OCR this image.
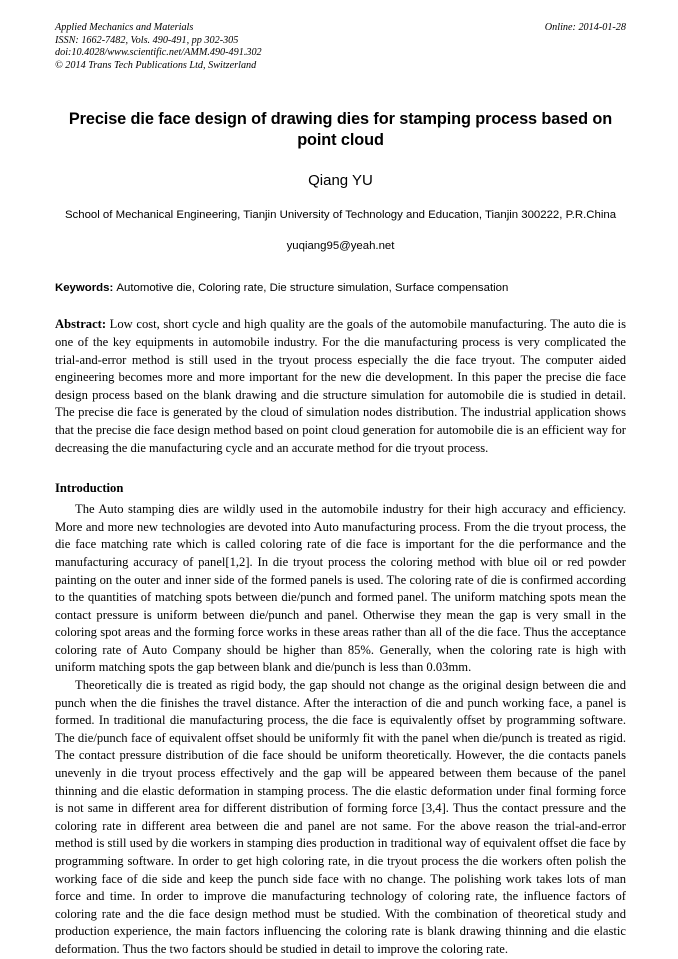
Applied Mechanics and Materials
ISSN: 1662-7482, Vols. 490-491, pp 302-305
doi:10.4028/www.scientific.net/AMM.490-491.302
© 2014 Trans Tech Publications Ltd, Switzerland
Online: 2014-01-28
Precise die face design of drawing dies for stamping process based on point cloud
Qiang YU
School of Mechanical Engineering, Tianjin University of Technology and Education, Tianjin 300222, P.R.China
yuqiang95@yeah.net

Keywords: Automotive die, Coloring rate, Die structure simulation, Surface compensation

Abstract: Low cost, short cycle and high quality are the goals of the automobile manufacturing. The auto die is one of the key equipments in automobile industry. For the die manufacturing process is very complicated the trial-and-error method is still used in the tryout process especially the die face tryout. The computer aided engineering becomes more and more important for the new die development. In this paper the precise die face design process based on the blank drawing and die structure simulation for automobile die is studied in detail. The precise die face is generated by the cloud of simulation nodes distribution. The industrial application shows that the precise die face design method based on point cloud generation for automobile die is an efficient way for decreasing the die manufacturing cycle and an accurate method for die tryout process.

Introduction

The Auto stamping dies are wildly used in the automobile industry for their high accuracy and efficiency. More and more new technologies are devoted into Auto manufacturing process. From the die tryout process, the die face matching rate which is called coloring rate of die face is important for the die performance and the manufacturing accuracy of panel[1,2]. In die tryout process the coloring method with blue oil or red powder painting on the outer and inner side of the formed panels is used. The coloring rate of die is confirmed according to the quantities of matching spots between die/punch and formed panel. The uniform matching spots mean the contact pressure is uniform between die/punch and panel. Otherwise they mean the gap is very small in the coloring spot areas and the forming force works in these areas rather than all of the die face. Thus the acceptance coloring rate of Auto Company should be higher than 85%. Generally, when the coloring rate is high with uniform matching spots the gap between blank and die/punch is less than 0.03mm.

Theoretically die is treated as rigid body, the gap should not change as the original design between die and punch when the die finishes the travel distance. After the interaction of die and punch working face, a panel is formed. In traditional die manufacturing process, the die face is equivalently offset by programming software. The die/punch face of equivalent offset should be uniformly fit with the panel when die/punch is treated as rigid. The contact pressure distribution of die face should be uniform theoretically. However, the die contacts panels unevenly in die tryout process effectively and the gap will be appeared between them because of the panel thinning and die elastic deformation in stamping process. The die elastic deformation under final forming force is not same in different area for different distribution of forming force [3,4]. Thus the contact pressure and the coloring rate in different area between die and panel are not same. For the above reason the trial-and-error method is still used by die workers in stamping dies production in traditional way of equivalent offset die face by programming software. In order to get high coloring rate, in die tryout process the die workers often polish the working face of die side and keep the punch side face with no change. The polishing work takes lots of man force and time. In order to improve die manufacturing technology of coloring rate, the influence factors of coloring rate and the die face design method must be studied. With the combination of theoretical study and production experience, the main factors influencing the coloring rate is blank drawing thinning and die elastic deformation. Thus the two factors should be studied in detail to improve the coloring rate.
